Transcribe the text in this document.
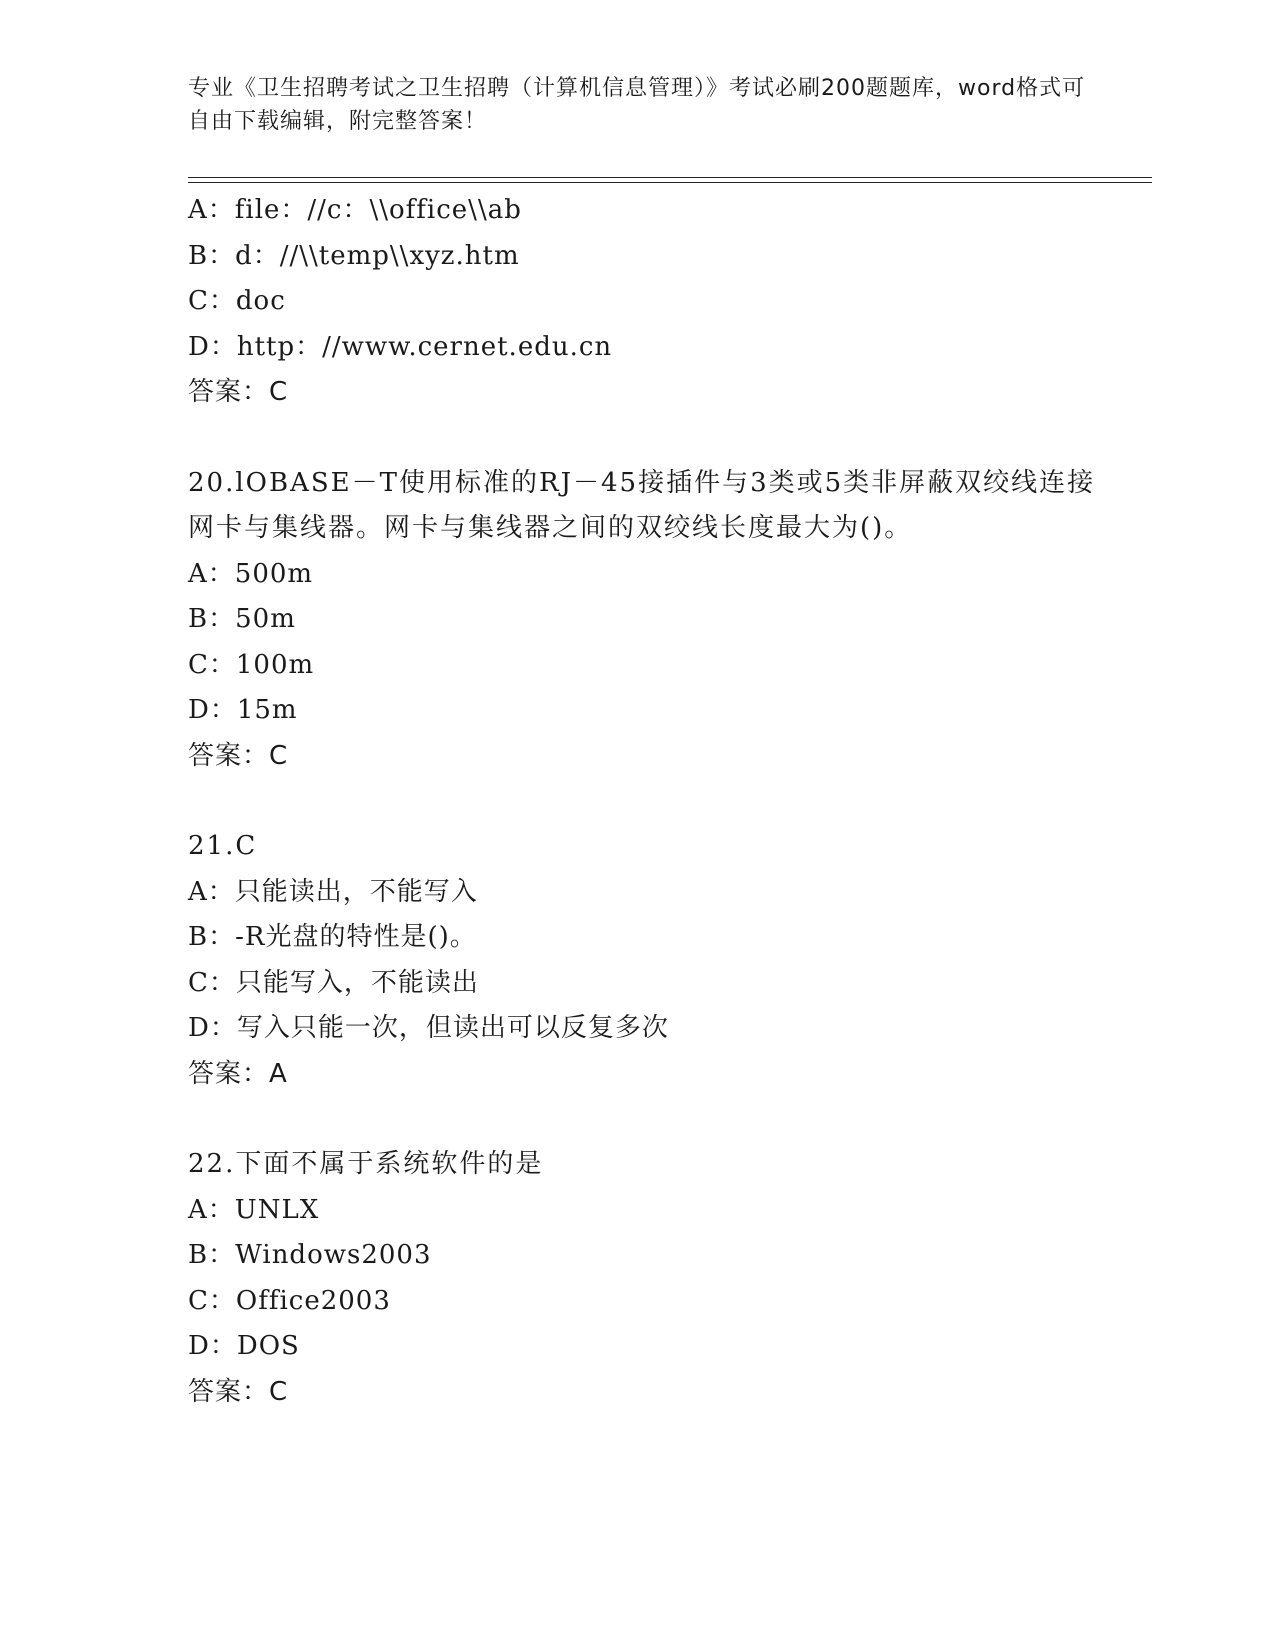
专业《卫生招聘考试之卫生招聘（计算机信息管理）》考试必刷200题题库，word格式可自由下载编辑，附完整答案！
A：file：//c：\\office\\ab
B：d：//\\temp\\xyz.htm
C：doc
D：http：//www.cernet.edu.cn
答案：C
20.lOBASE－T使用标准的RJ－45接插件与3类或5类非屏蔽双绞线连接网卡与集线器。网卡与集线器之间的双绞线长度最大为()。
A：500m
B：50m
C：100m
D：15m
答案：C
21.C
A：只能读出，不能写入
B：-R光盘的特性是()。
C：只能写入，不能读出
D：写入只能一次，但读出可以反复多次
答案：A
22.下面不属于系统软件的是
A：UNLX
B：Windows2003
C：Office2003
D：DOS
答案：C
